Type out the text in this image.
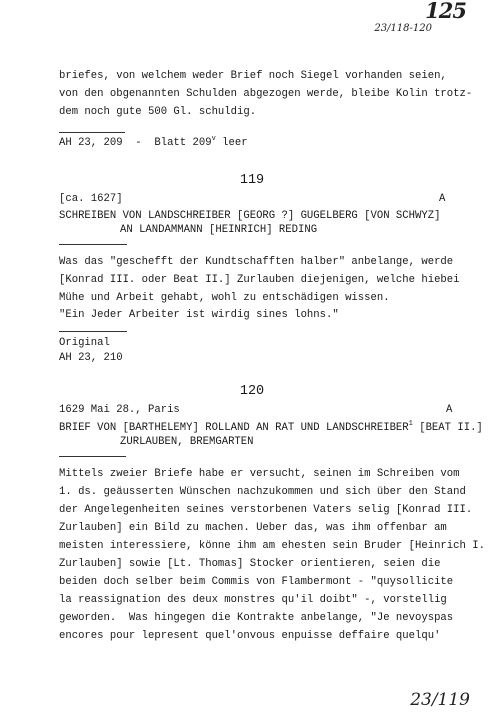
125
23/118-120
briefes, von welchem weder Brief noch Siegel vorhanden seien,
von den obgenannten Schulden abgezogen werde, bleibe Kolin trotz-
dem noch gute 500 Gl. schuldig.
AH 23, 209  -  Blatt 209$^v$ leer
119
[ca. 1627]	A
SCHREIBEN VON LANDSCHREIBER [GEORG ?] GUGELBERG [VON SCHWYZ]
AN LANDAMMANN [HEINRICH] REDING
Was das "geschefft der Kundtschafften halber" anbelange, werde
[Konrad III. oder Beat II.] Zurlauben diejenigen, welche hiebei
Mühe und Arbeit gehabt, wohl zu entschädigen wissen.
"Ein Jeder Arbeiter ist wirdig sines lohns."
Original
AH 23, 210
120
1629 Mai 28., Paris	A
BRIEF VON [BARTHELEMY] ROLLAND AN RAT UND LANDSCHREIBER$^1$ [BEAT II.]
ZURLAUBEN, BREMGARTEN
Mittels zweier Briefe habe er versucht, seinen im Schreiben vom
1. ds. geäusserten Wünschen nachzukommen und sich über den Stand
der Angelegenheiten seines verstorbenen Vaters selig [Konrad III.
Zurlauben] ein Bild zu machen. Ueber das, was ihm offenbar am
meisten interessiere, könne ihm am ehesten sein Bruder [Heinrich I.
Zurlauben] sowie [Lt. Thomas] Stocker orientieren, seien die
beiden doch selber beim Commis von Flambermont - "quysollicite
la reassignation des deux monstres qu'il doibt" -, vorstellig
geworden.  Was hingegen die Kontrakte anbelange, "Je nevoyspas
encores pour lepresent quel'onvous enpuisse deffaire quelqu'
23/119
